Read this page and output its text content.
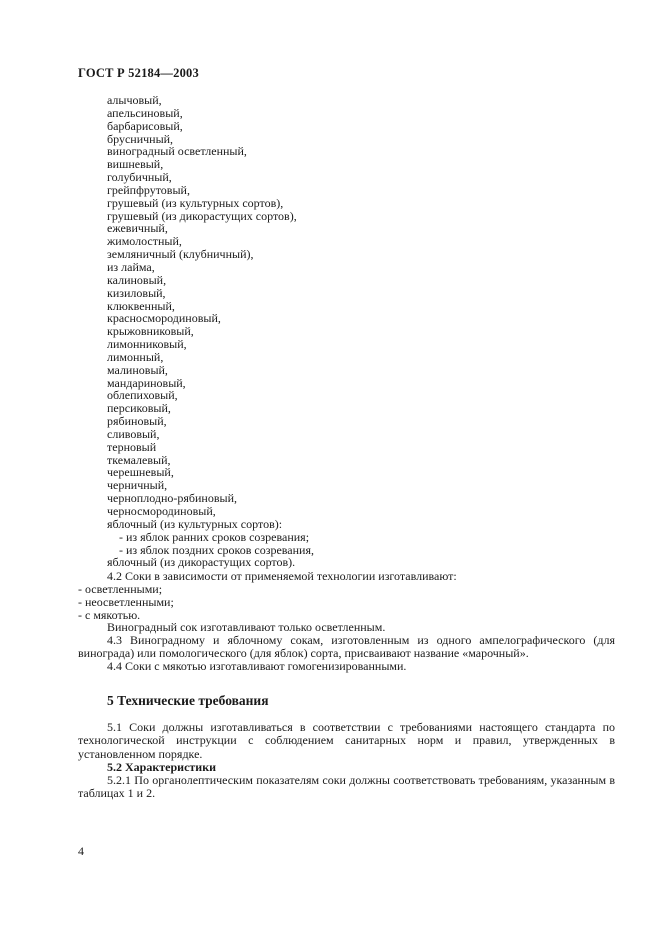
ГОСТ Р 52184—2003
алычовый,
апельсиновый,
барбарисовый,
брусничный,
виноградный осветленный,
вишневый,
голубичный,
грейпфрутовый,
грушевый (из культурных сортов),
грушевый (из дикорастущих сортов),
ежевичный,
жимолостный,
земляничный (клубничный),
из лайма,
калиновый,
кизиловый,
клюквенный,
красносмородиновый,
крыжовниковый,
лимонниковый,
лимонный,
малиновый,
мандариновый,
облепиховый,
персиковый,
рябиновый,
сливовый,
терновый
ткемалевый,
черешневый,
черничный,
черноплодно-рябиновый,
черносмородиновый,
яблочный (из культурных сортов):
- из яблок ранних сроков созревания;
- из яблок поздних сроков созревания,
яблочный (из дикорастущих сортов).

4.2 Соки в зависимости от применяемой технологии изготавливают:

- осветленными;
- неосветленными;
- с мякотью.

Виноградный сок изготавливают только осветленным.

4.3 Виноградному и яблочному сокам, изготовленным из одного ампелографического (для винограда) или помологического (для яблок) сорта, присваивают название «марочный».

4.4 Соки с мякотью изготавливают гомогенизированными.

5 Технические требования

5.1 Соки должны изготавливаться в соответствии с требованиями настоящего стандарта по технологической инструкции с соблюдением санитарных норм и правил, утвержденных в установленном порядке.

5.2 Характеристики

5.2.1 По органолептическим показателям соки должны соответствовать требованиям, указанным в таблицах 1 и 2.

4
